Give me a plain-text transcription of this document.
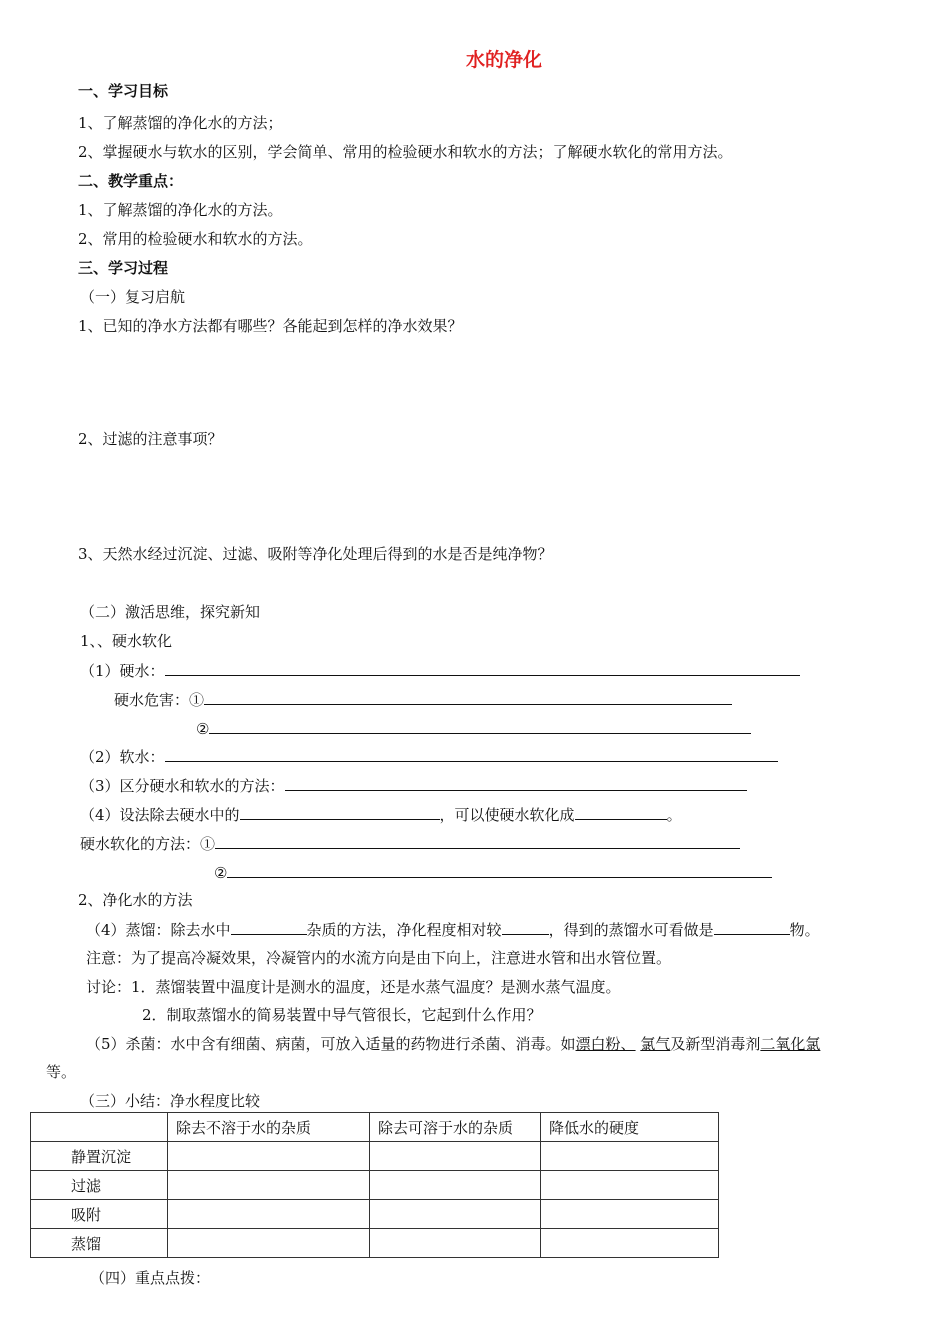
水的净化
一、学习目标
1、了解蒸馏的净化水的方法；
2、掌握硬水与软水的区别，学会简单、常用的检验硬水和软水的方法；了解硬水软化的常用方法。
二、教学重点：
1、了解蒸馏的净化水的方法。
2、常用的检验硬水和软水的方法。
三、学习过程
（一）复习启航
1、已知的净水方法都有哪些？各能起到怎样的净水效果？
2、过滤的注意事项？
3、天然水经过沉淀、过滤、吸附等净化处理后得到的水是否是纯净物？
（二）激活思维，探究新知
1、、硬水软化
（1）硬水：
硬水危害：①
②
（2）软水：
（3）区分硬水和软水的方法：
（4）设法除去硬水中的	，可以使硬水软化成	。
硬水软化的方法：①
②
2、净化水的方法
（4）蒸馏：除去水中	杂质的方法，净化程度相对较	，得到的蒸馏水可看做是	物。
注意：为了提高冷凝效果，冷凝管内的水流方向是由下向上，注意进水管和出水管位置。
讨论：1．蒸馏装置中温度计是测水的温度，还是水蒸气温度？是测水蒸气温度。
2．制取蒸馏水的简易装置中导气管很长，它起到什么作用？
（5）杀菌：水中含有细菌、病菌，可放入适量的药物进行杀菌、消毒。如漂白粉、 氯气及新型消毒剂二氧化氯
等。
（三）小结：净水程度比较
	除去不溶于水的杂质	除去可溶于水的杂质	降低水的硬度
静置沉淀			
过滤			
吸附			
蒸馏			
（四）重点点拨：
